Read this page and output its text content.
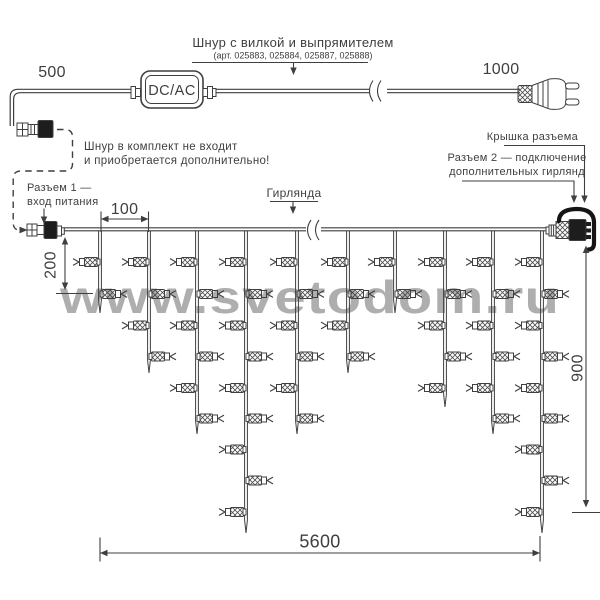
DC/AC
Шнур с вилкой и выпрямителем
(арт. 025883, 025884, 025887, 025888)
500	1000
Шнур в комплект не входит
и приобретается дополнительно!
Разъем 1 —
вход питания
Гирлянда
Крышка разъема
Разъем 2 — подключение
дополнительных гирлянд
100
200
900
5600
www.svetodom.ru
